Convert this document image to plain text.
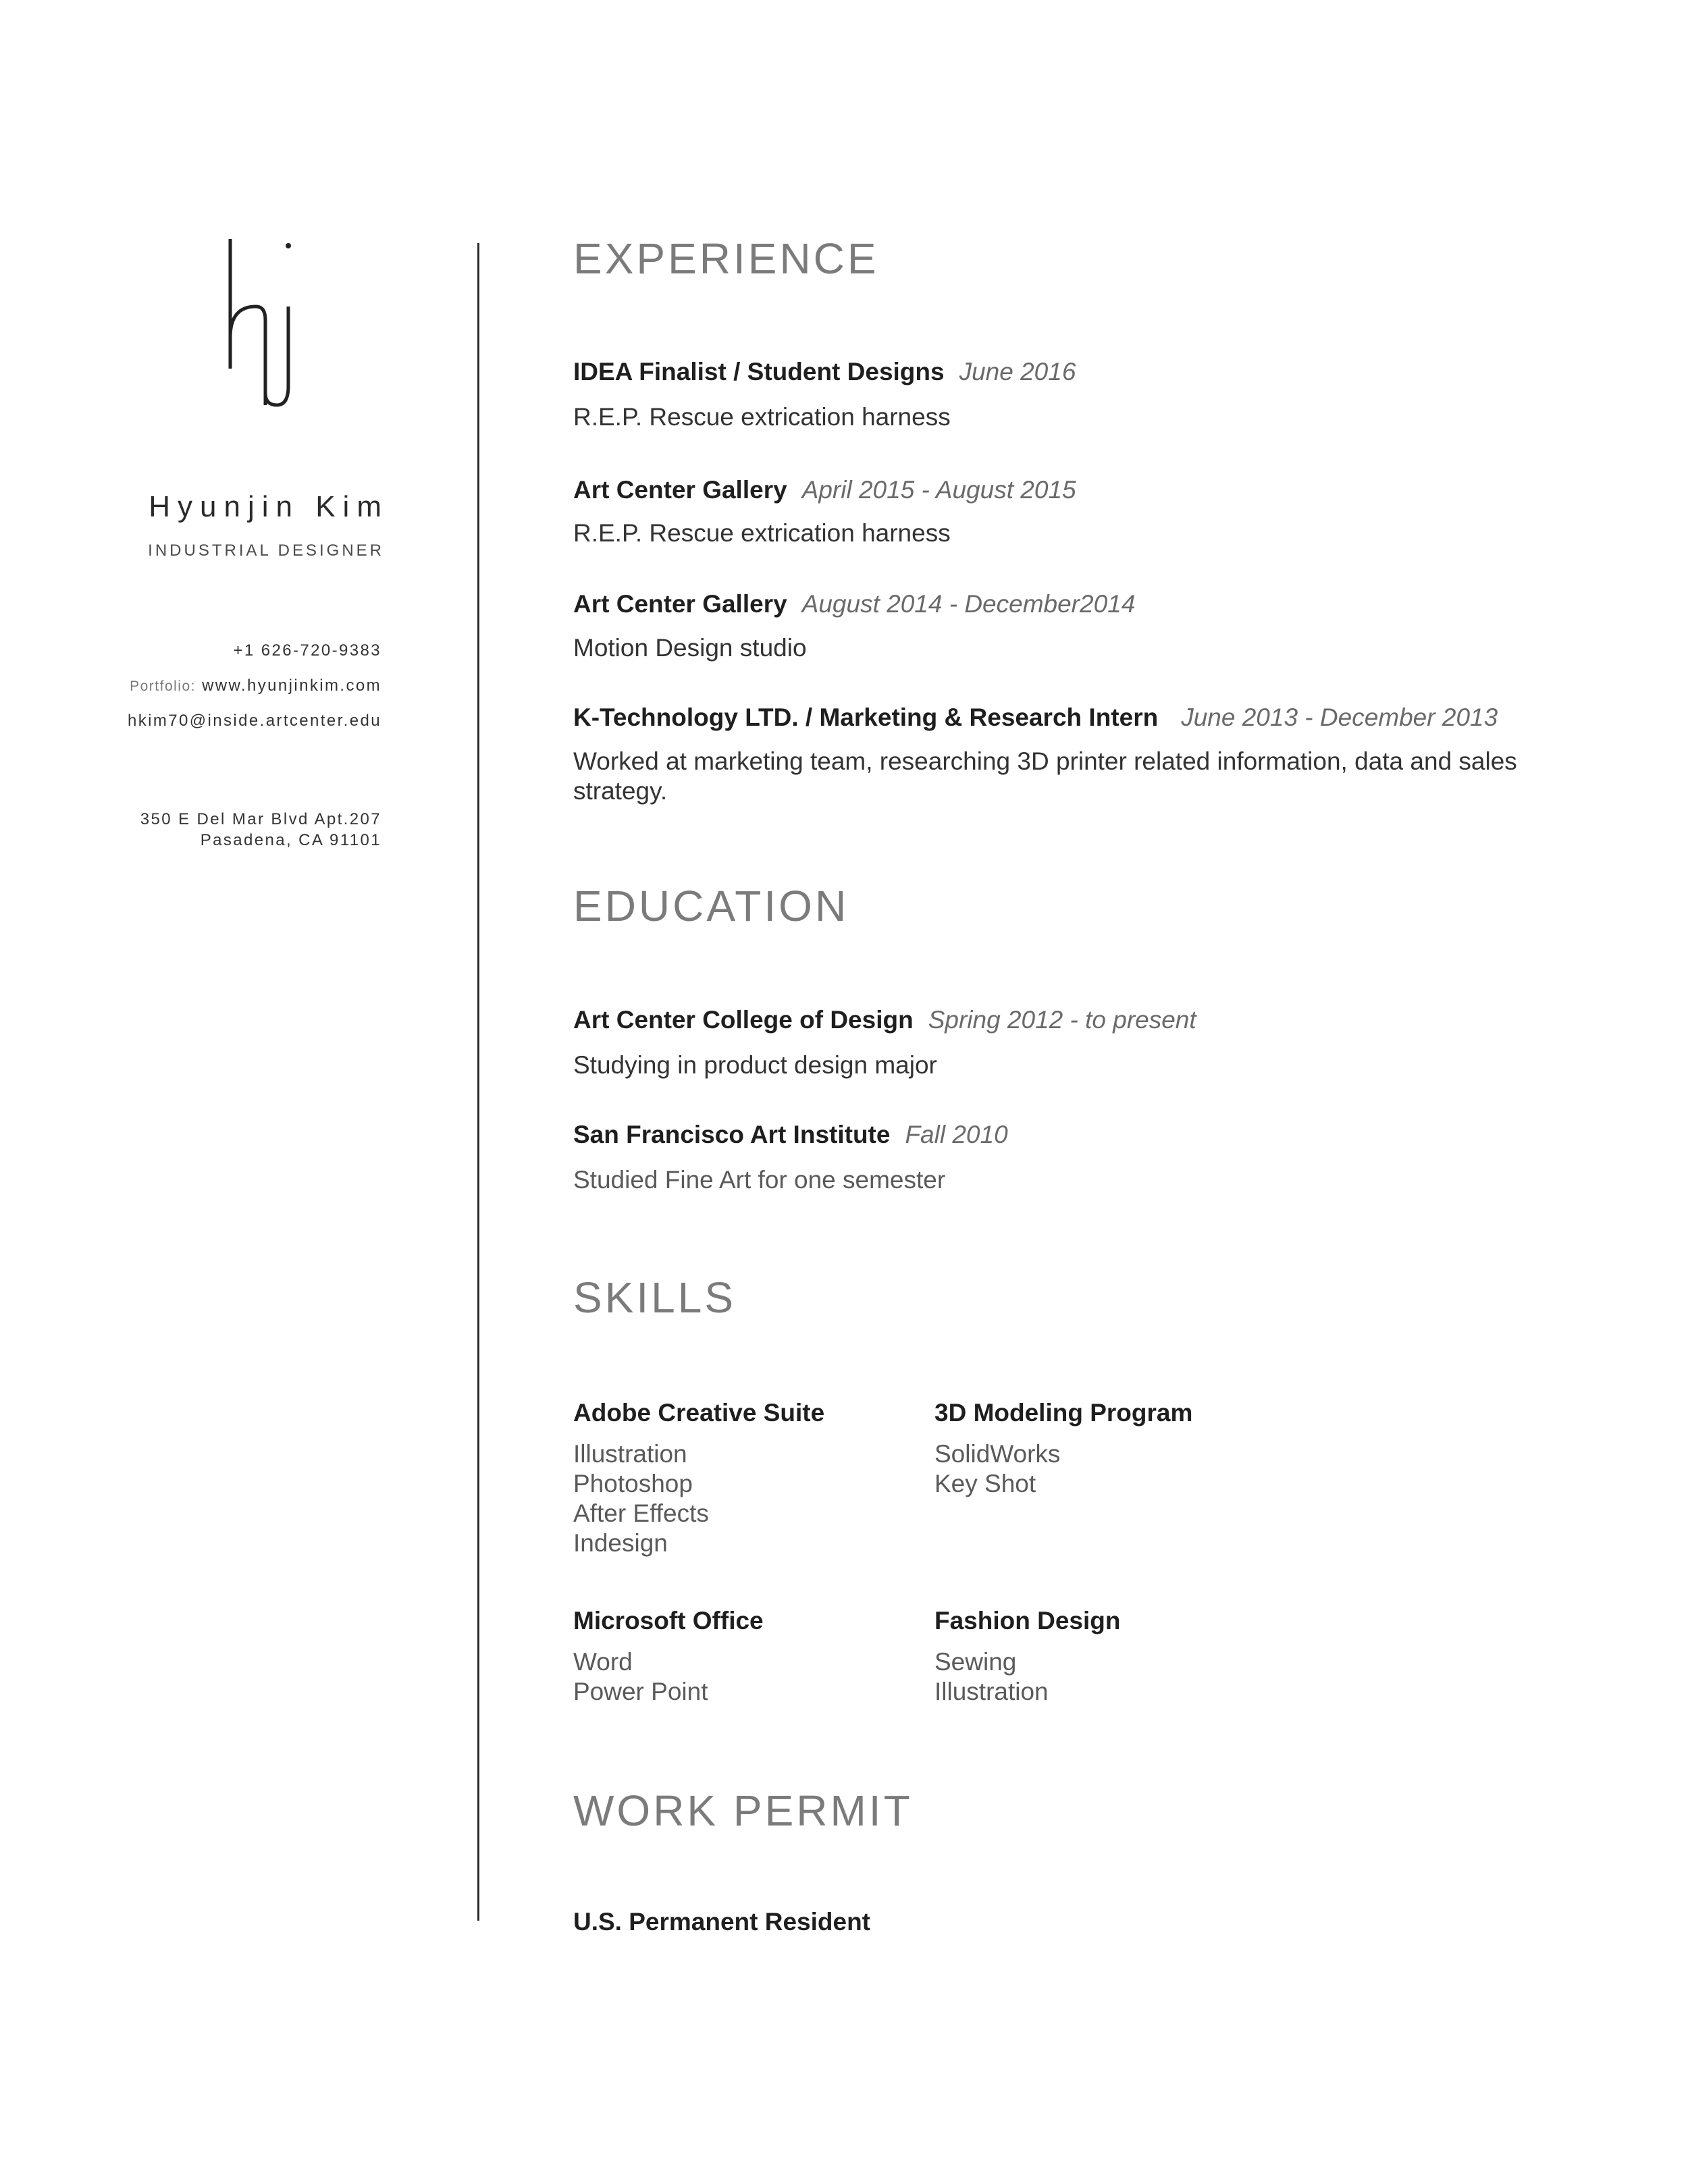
Hyunjin Kim
INDUSTRIAL DESIGNER
+1 626-720-9383
Portfolio: www.hyunjinkim.com
hkim70@inside.artcenter.edu
350 E Del Mar Blvd Apt.207
Pasadena, CA 91101
EXPERIENCE
IDEA Finalist / Student Designs June 2016
R.E.P. Rescue extrication harness
Art Center Gallery April 2015 - August 2015
R.E.P. Rescue extrication harness
Art Center Gallery August 2014 - December2014
Motion Design studio
K-Technology LTD. / Marketing & Research Intern June 2013 - December 2013
Worked at marketing team, researching 3D printer related information, data and sales strategy.
EDUCATION
Art Center College of Design Spring 2012 - to present
Studying in product design major
San Francisco Art Institute Fall 2010
Studied Fine Art for one semester
SKILLS
Adobe Creative Suite
Illustration
Photoshop
After Effects
Indesign
3D Modeling Program
SolidWorks
Key Shot
Microsoft Office
Word
Power Point
Fashion Design
Sewing
Illustration
WORK PERMIT
U.S. Permanent Resident
